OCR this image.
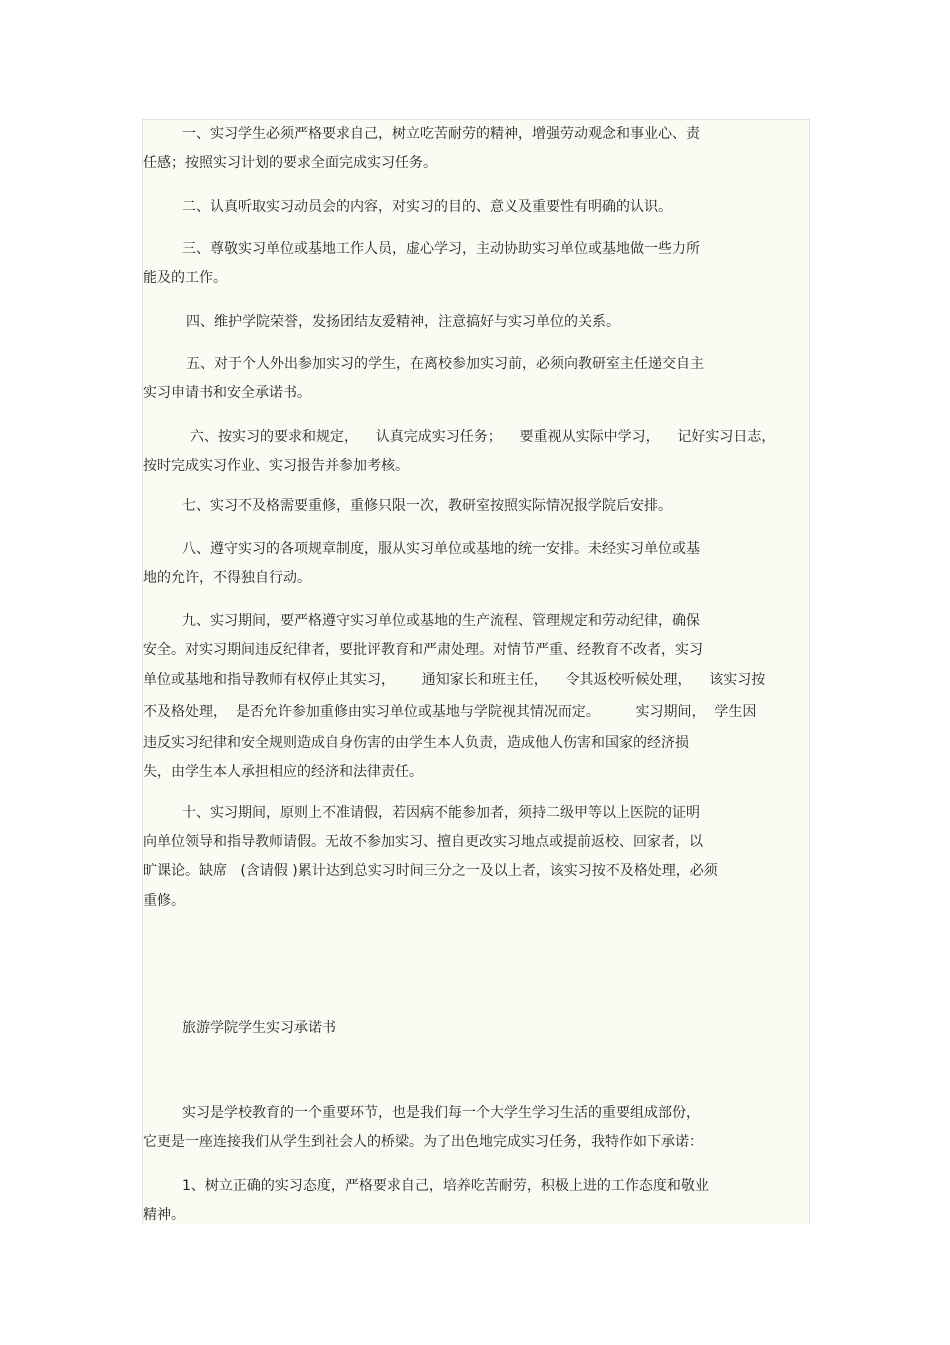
一、实习学生必须严格要求自己，树立吃苦耐劳的精神，增强劳动观念和事业心、责

任感；按照实习计划的要求全面完成实习任务。

二、认真听取实习动员会的内容，对实习的目的、意义及重要性有明确的认识。

三、尊敬实习单位或基地工作人员，虚心学习，主动协助实习单位或基地做一些力所

能及的工作。

四、维护学院荣誉，发扬团结友爱精神，注意搞好与实习单位的关系。

五、对于个人外出参加实习的学生，在离校参加实习前，必须向教研室主任递交自主

实习申请书和安全承诺书。

六、按实习的要求和规定，    认真完成实习任务；    要重视从实际中学习，    记好实习日志，

按时完成实习作业、实习报告并参加考核。

七、实习不及格需要重修，重修只限一次，教研室按照实际情况报学院后安排。

八、遵守实习的各项规章制度，服从实习单位或基地的统一安排。未经实习单位或基

地的允许，不得独自行动。

九、实习期间，要严格遵守实习单位或基地的生产流程、管理规定和劳动纪律，确保

安全。对实习期间违反纪律者，要批评教育和严肃处理。对情节严重、经教育不改者，实习

单位或基地和指导教师有权停止其实习，      通知家长和班主任，    令其返校听候处理，    该实习按

不及格处理，  是否允许参加重修由实习单位或基地与学院视其情况而定。        实习期间，  学生因

违反实习纪律和安全规则造成自身伤害的由学生本人负责，造成他人伤害和国家的经济损

失，由学生本人承担相应的经济和法律责任。

十、实习期间，原则上不准请假，若因病不能参加者，须持二级甲等以上医院的证明

向单位领导和指导教师请假。无故不参加实习、擅自更改实习地点或提前返校、回家者，以

旷课论。缺席   (含请假 )累计达到总实习时间三分之一及以上者，该实习按不及格处理，必须

重修。

旅游学院学生实习承诺书

实习是学校教育的一个重要环节，也是我们每一个大学生学习生活的重要组成部份，

它更是一座连接我们从学生到社会人的桥梁。为了出色地完成实习任务，我特作如下承诺：

1、树立正确的实习态度，严格要求自己，培养吃苦耐劳，积极上进的工作态度和敬业

精神。
